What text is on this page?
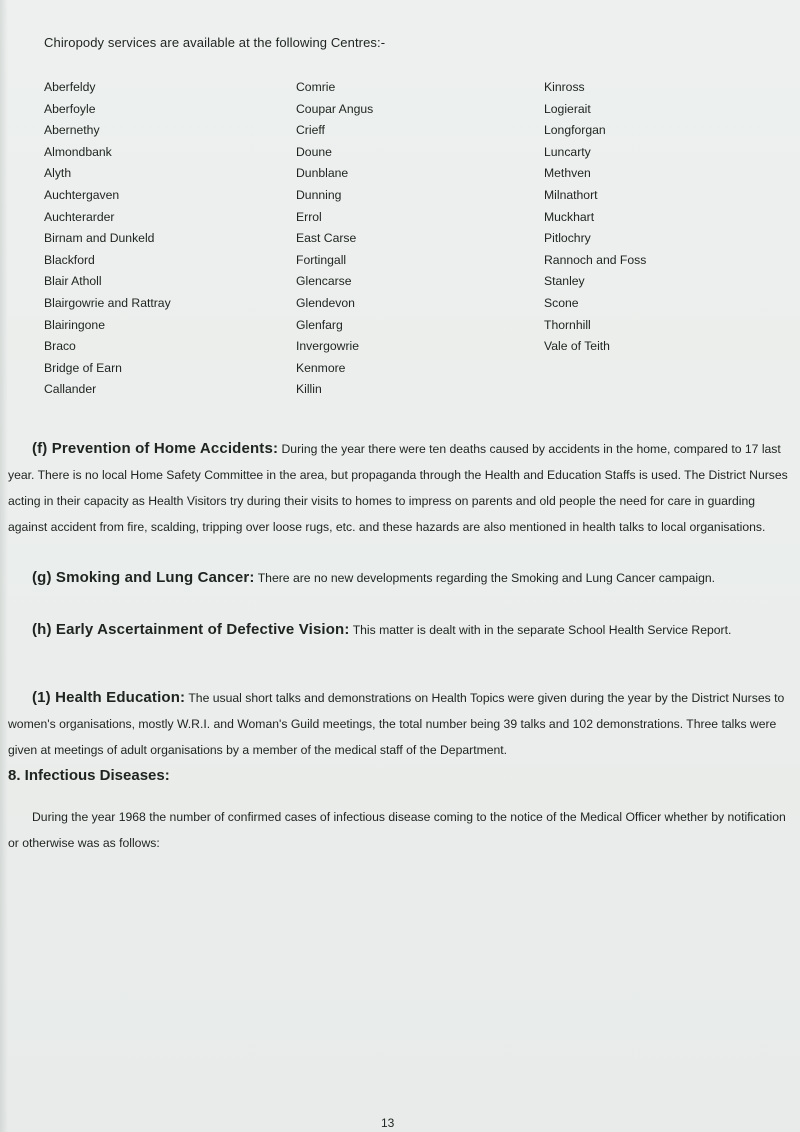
Chiropody services are available at the following Centres:-
Aberfeldy
Aberfoyle
Abernethy
Almondbank
Alyth
Auchtergaven
Auchterarder
Birnam and Dunkeld
Blackford
Blair Atholl
Blairgowrie and Rattray
Blairingone
Braco
Bridge of Earn
Callander
Comrie
Coupar Angus
Crieff
Doune
Dunblane
Dunning
Errol
East Carse
Fortingall
Glencarse
Glendevon
Glenfarg
Invergowrie
Kenmore
Killin
Kinross
Logierait
Longforgan
Luncarty
Methven
Milnathort
Muckhart
Pitlochry
Rannoch and Foss
Stanley
Scone
Thornhill
Vale of Teith

(f) Prevention of Home Accidents: During the year there were ten deaths caused by accidents in the home, compared to 17 last year. There is no local Home Safety Committee in the area, but propaganda through the Health and Education Staffs is used. The District Nurses acting in their capacity as Health Visitors try during their visits to homes to impress on parents and old people the need for care in guarding against accident from fire, scalding, tripping over loose rugs, etc. and these hazards are also mentioned in health talks to local organisations.

(g) Smoking and Lung Cancer: There are no new developments regarding the Smoking and Lung Cancer campaign.

(h) Early Ascertainment of Defective Vision: This matter is dealt with in the separate School Health Service Report.

(1) Health Education: The usual short talks and demonstrations on Health Topics were given during the year by the District Nurses to women's organisations, mostly W.R.I. and Woman's Guild meetings, the total number being 39 talks and 102 demonstrations. Three talks were given at meetings of adult organisations by a member of the medical staff of the Department.

8. Infectious Diseases:

During the year 1968 the number of confirmed cases of infectious disease coming to the notice of the Medical Officer whether by notification or otherwise was as follows:

13
